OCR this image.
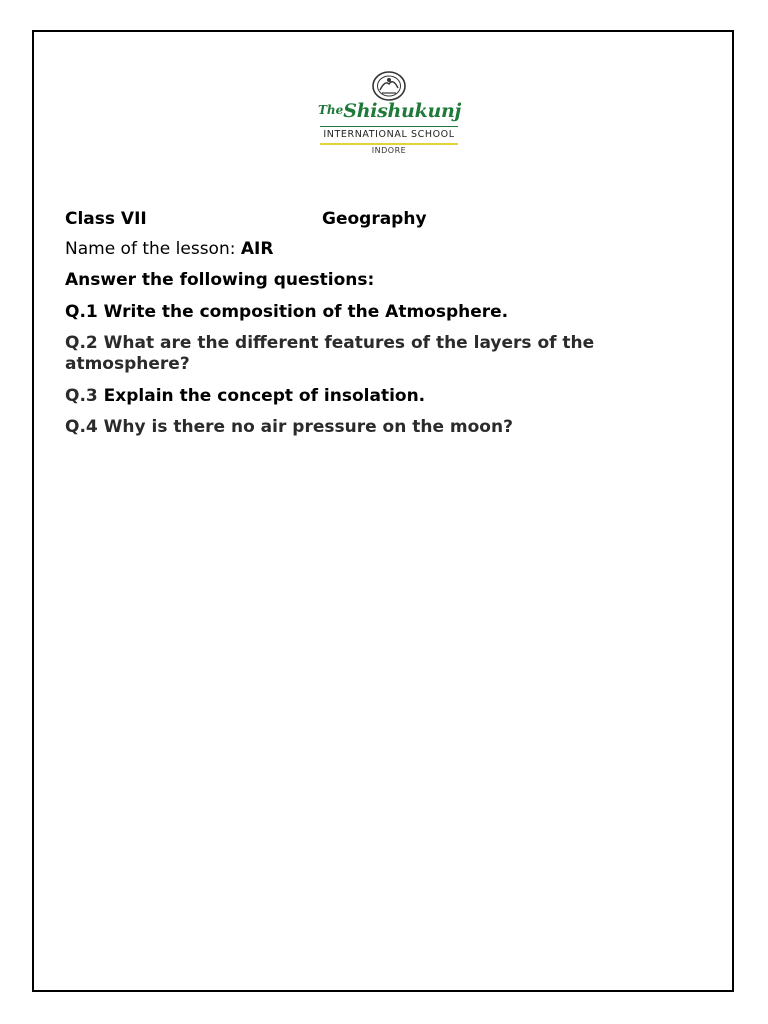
TheShishukunj
INTERNATIONAL SCHOOL
INDORE
Class VII	Geography
Name of the lesson: AIR
Answer the following questions:
Q.1 Write the composition of the Atmosphere.
Q.2 What are the different features of the layers of the atmosphere?
Q.3 Explain the concept of insolation.
Q.4 Why is there no air pressure on the moon?
